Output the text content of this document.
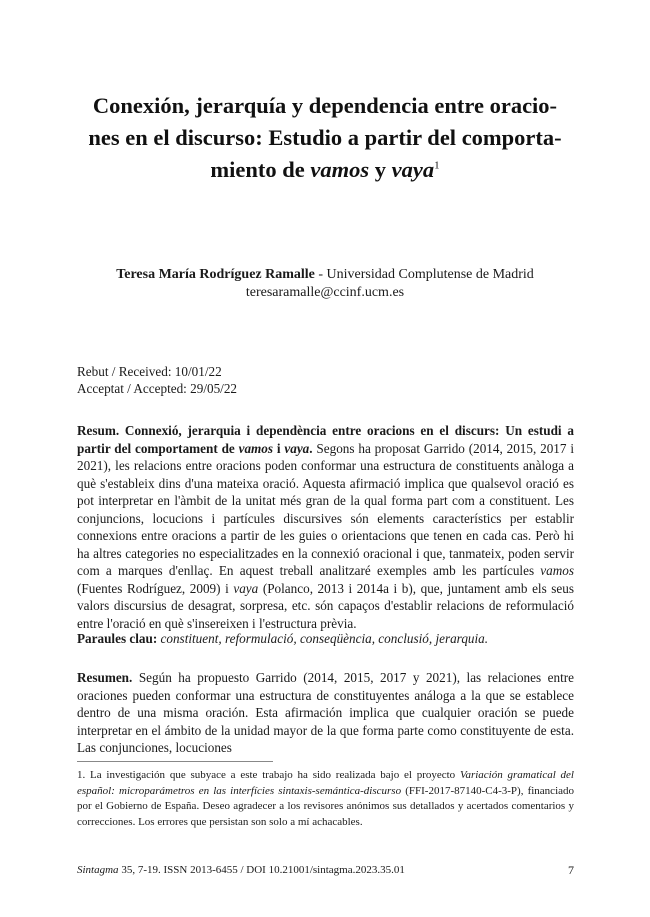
Conexión, jerarquía y dependencia entre oracio-
nes en el discurso: Estudio a partir del comporta-
miento de vamos y vaya$^1$
Teresa María Rodríguez Ramalle - Universidad Complutense de Madrid
teresaramalle@ccinf.ucm.es
Rebut / Received: 10/01/22
Acceptat / Accepted: 29/05/22

Resum. Connexió, jerarquia i dependència entre oracions en el discurs: Un estudi a partir del comportament de vamos i vaya. Segons ha proposat Garrido (2014, 2015, 2017 i 2021), les relacions entre oracions poden conformar una estructura de constituents anàloga a què s'estableix dins d'una mateixa oració. Aquesta afirmació implica que qualsevol oració es pot interpretar en l'àmbit de la unitat més gran de la qual forma part com a constituent. Les conjuncions, locucions i partícules discursives són elements característics per establir connexions entre oracions a partir de les guies o orientacions que tenen en cada cas. Però hi ha altres categories no especialitzades en la connexió oracional i que, tanmateix, poden servir com a marques d'enllaç. En aquest treball analitzaré exemples amb les partícules vamos (Fuentes Rodríguez, 2009) i vaya (Polanco, 2013 i 2014a i b), que, juntament amb els seus valors discursius de desagrat, sorpresa, etc. són capaços d'establir relacions de reformulació entre l'oració en què s'insereixen i l'estructura prèvia.

Paraules clau: constituent, reformulació, conseqüència, conclusió, jerarquia.

Resumen. Según ha propuesto Garrido (2014, 2015, 2017 y 2021), las relaciones entre oraciones pueden conformar una estructura de constituyentes análoga a la que se establece dentro de una misma oración. Esta afirmación implica que cualquier oración se puede interpretar en el ámbito de la unidad mayor de la que forma parte como constituyente de esta. Las conjunciones, locuciones

1. La investigación que subyace a este trabajo ha sido realizada bajo el proyecto Variación gramatical del español: microparámetros en las interfícies sintaxis-semántica-discurso (FFI-2017-87140-C4-3-P), financiado por el Gobierno de España. Deseo agradecer a los revisores anónimos sus detallados y acertados comentarios y correcciones. Los errores que persistan son solo a mí achacables.

Sintagma 35, 7-19. ISSN 2013-6455 / DOI 10.21001/sintagma.2023.35.01	7
